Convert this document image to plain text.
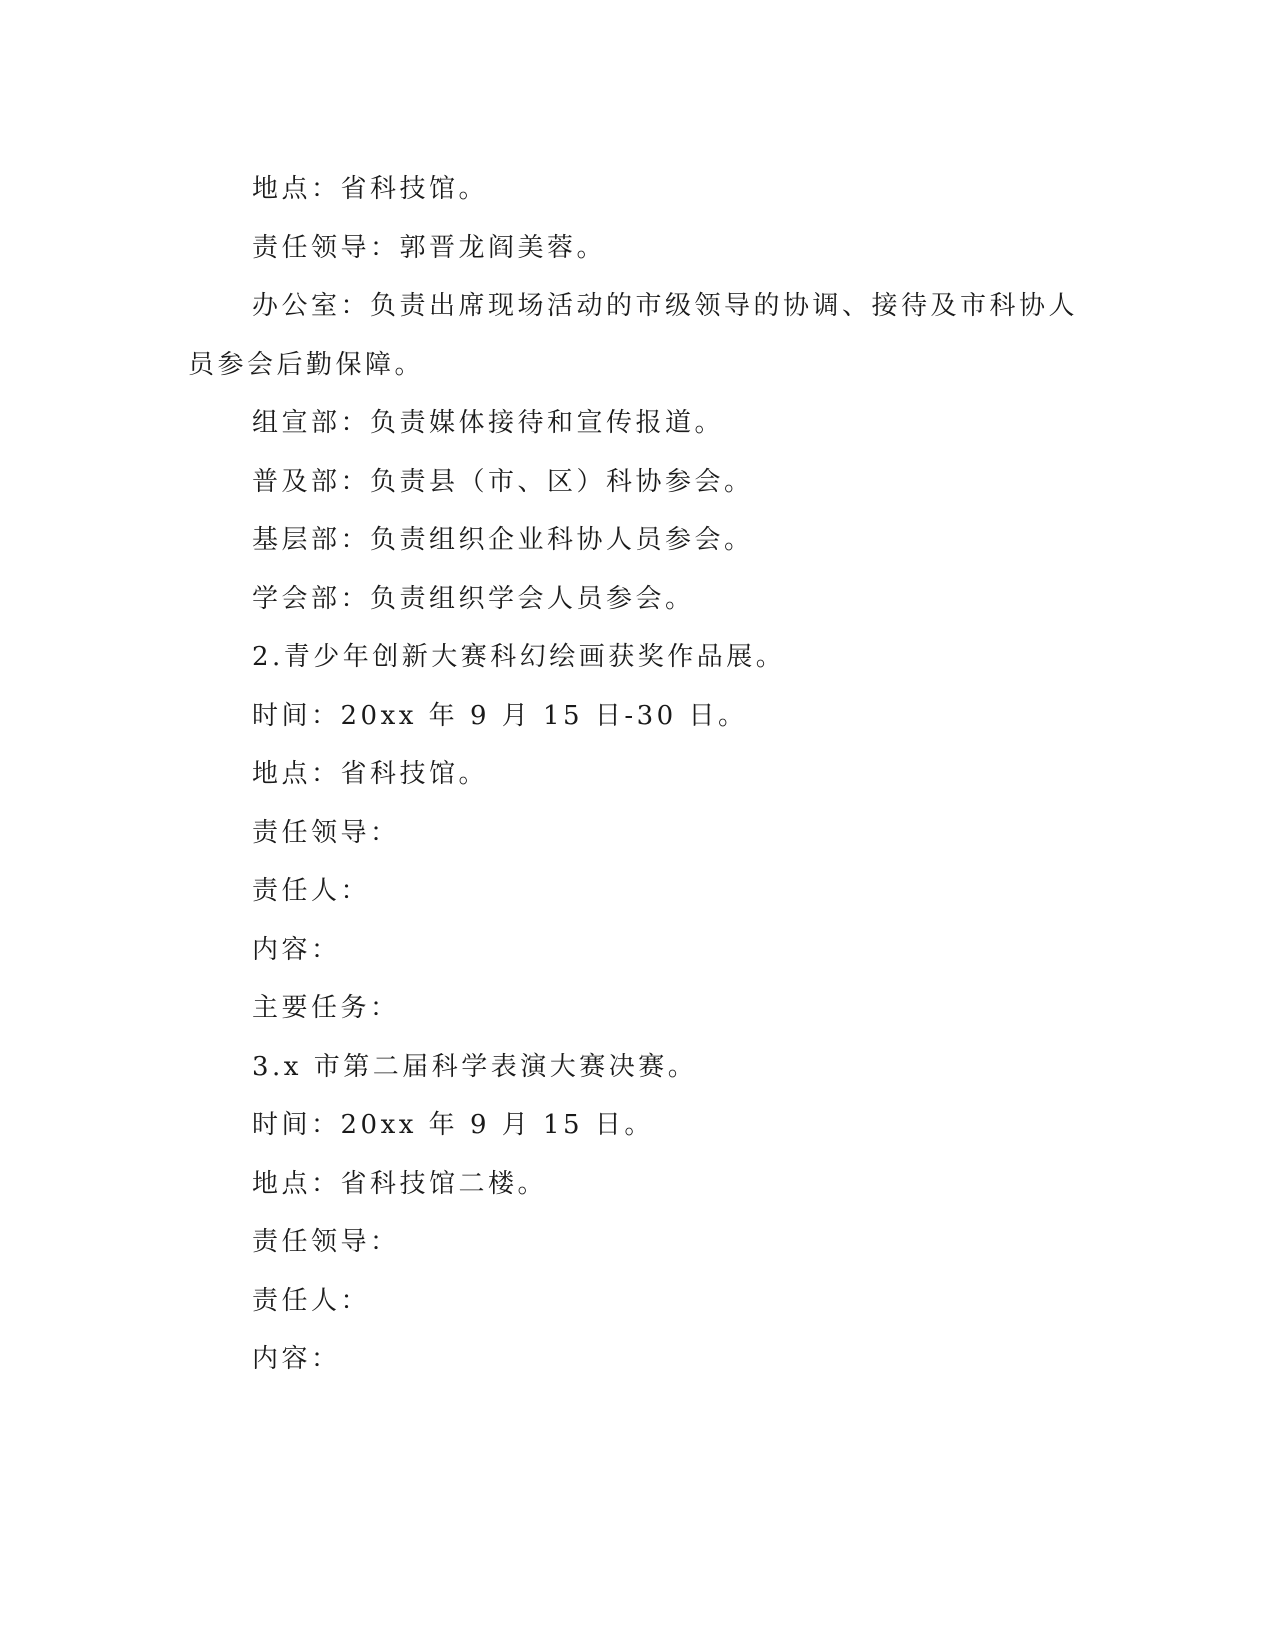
地点：省科技馆。
责任领导：郭晋龙阎美蓉。
办公室：负责出席现场活动的市级领导的协调、接待及市科协人
员参会后勤保障。
组宣部：负责媒体接待和宣传报道。
普及部：负责县（市、区）科协参会。
基层部：负责组织企业科协人员参会。
学会部：负责组织学会人员参会。
2.青少年创新大赛科幻绘画获奖作品展。
时间：20xx 年 9 月 15 日-30 日。
地点：省科技馆。
责任领导：
责任人：
内容：
主要任务：
3.x 市第二届科学表演大赛决赛。
时间：20xx 年 9 月 15 日。
地点：省科技馆二楼。
责任领导：
责任人：
内容：
